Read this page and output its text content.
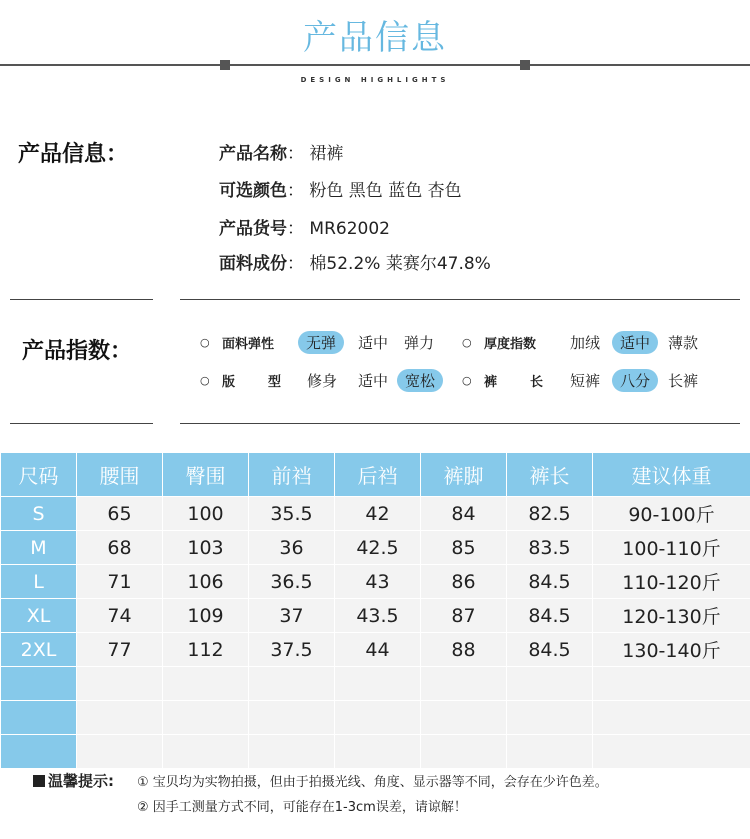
产品信息
DESIGN HIGHLIGHTS
产品信息：	产品名称： 裙裤
可选颜色： 粉色 黑色 蓝色 杏色
产品货号： MR62002
面料成份： 棉52.2% 莱赛尔47.8%
产品指数：	○ 面料弹性	无弹	适中 弹力	○ 厚度指数 加绒	适中	薄款
○ 版	型 修身 适中	宽松	○ 裤	长 短裤	八分	长裤
尺码	腰围	臀围	前裆	后裆	裤脚	裤长	建议体重
S	65	100	35.5	42	84	82.5	90-100斤
M	68	103	36	42.5	85	83.5	100-110斤
L	71	106	36.5	43	86	84.5	110-120斤
XL	74	109	37	43.5	87	84.5	120-130斤
2XL	77	112	37.5	44	88	84.5	130-140斤

温馨提示: ① 宝贝均为实物拍摄，但由于拍摄光线、角度、显示器等不同，会存在少许色差。
② 因手工测量方式不同，可能存在1-3cm误差，请谅解！
